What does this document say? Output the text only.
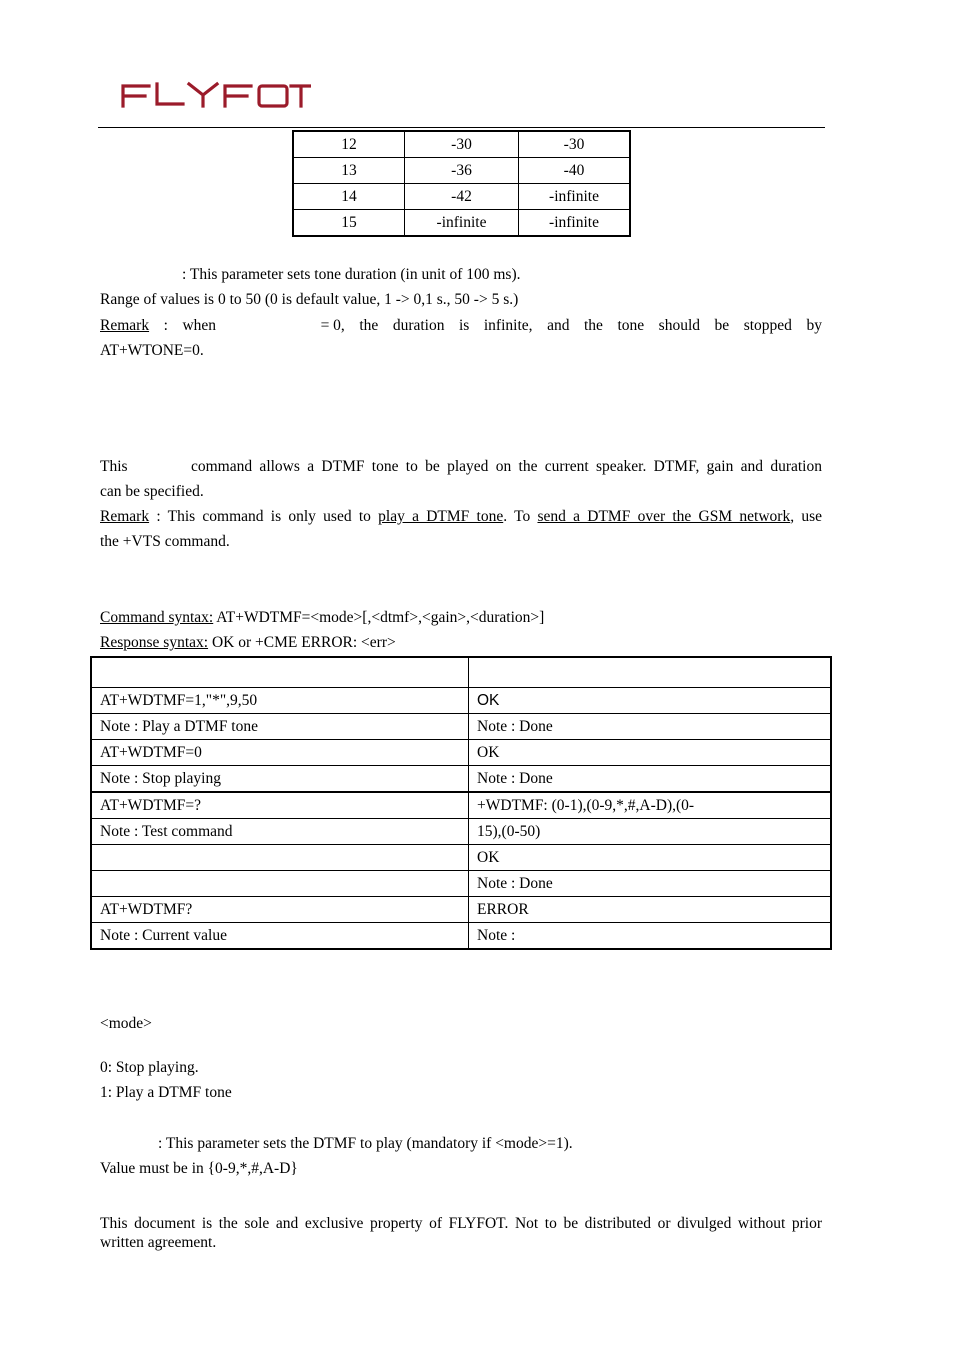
12	-30	-30
13	-36	-40
14	-42	-infinite
15	-infinite	-infinite
: This parameter sets tone duration (in unit of 100 ms).
Range of values is 0 to 50 (0 is default value, 1 -> 0,1 s., 50 -> 5 s.)
Remark : when	= 0, the duration is infinite, and the tone should be stopped by
AT+WTONE=0.
This	command allows a DTMF tone to be played on the current speaker. DTMF, gain and duration
can be specified.
Remark : This command is only used to play a DTMF tone. To send a DTMF over the GSM network, use
the +VTS command.
Command syntax: AT+WDTMF=<mode>[,<dtmf>,<gain>,<duration>]
Response syntax: OK or +CME ERROR: <err>

AT+WDTMF=1,"*",9,50	OK
Note : Play a DTMF tone	Note : Done
AT+WDTMF=0	OK
Note : Stop playing	Note : Done
AT+WDTMF=?	+WDTMF: (0-1),(0-9,*,#,A-D),(0-
Note : Test command	15),(0-50)
	OK
	Note : Done
AT+WDTMF?	ERROR
Note : Current value	Note :
<mode>
0: Stop playing.
1: Play a DTMF tone
: This parameter sets the DTMF to play (mandatory if <mode>=1).
Value must be in {0-9,*,#,A-D}
This document is the sole and exclusive property of FLYFOT. Not to be distributed or divulged without prior written agreement.
